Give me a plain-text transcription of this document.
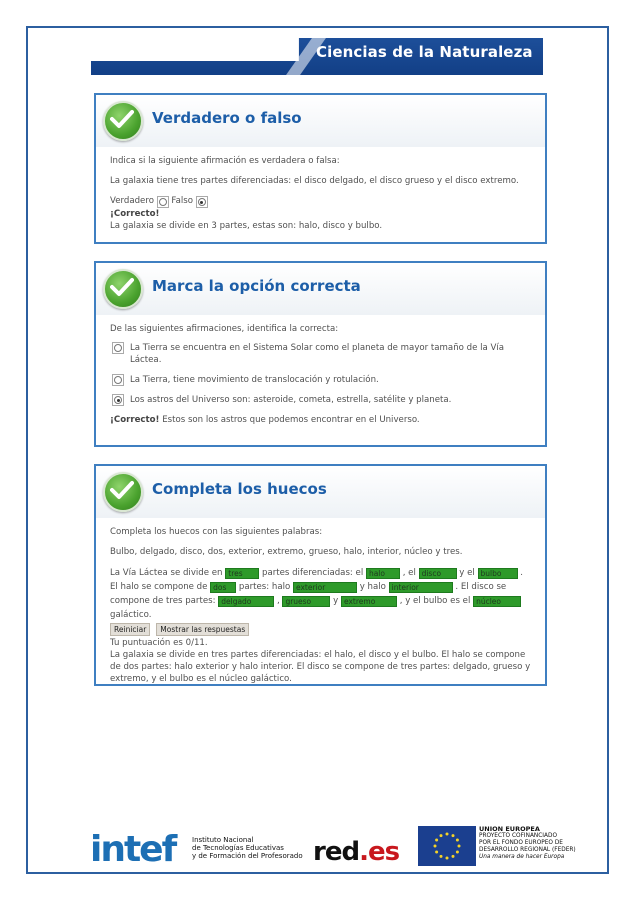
Ciencias de la Naturaleza
Verdadero o falso

Indica si la siguiente afirmación es verdadera o falsa:

La galaxia tiene tres partes diferenciadas: el disco delgado, el disco grueso y el disco extremo.

Verdadero Falso

¡Correcto!

La galaxia se divide en 3 partes, estas son: halo, disco y bulbo.

Marca la opción correcta

De las siguientes afirmaciones, identifica la correcta:

La Tierra se encuentra en el Sistema Solar como el planeta de mayor tamaño de la Vía Láctea.
La Tierra, tiene movimiento de translocación y rotulación.
Los astros del Universo son: asteroide, cometa, estrella, satélite y planeta.

¡Correcto! Estos son los astros que podemos encontrar en el Universo.

Completa los huecos

Completa los huecos con las siguientes palabras:

Bulbo, delgado, disco, dos, exterior, extremo, grueso, halo, interior, núcleo y tres.

La Vía Láctea se divide en tres partes diferenciadas: el halo , el disco y el bulbo . El halo se compone de dos partes: halo exterior	y halo interior	. El disco se compone de tres partes: delgado	, grueso	y extremo	, y el bulbo es el núcleo galáctico.

Reiniciar Mostrar las respuestas

Tu puntuación es 0/11.

La galaxia se divide en tres partes diferenciadas: el halo, el disco y el bulbo. El halo se compone de dos partes: halo exterior y halo interior. El disco se compone de tres partes: delgado, grueso y extremo, y el bulbo es el núcleo galáctico.

intef Instituto Nacional
de Tecnologías Educativas
y de Formación del Profesorado red.es
UNION EUROPEA
PROYECTO COFINANCIADO
POR EL FONDO EUROPEO DE
DESARROLLO REGIONAL (FEDER)
Una manera de hacer Europa
